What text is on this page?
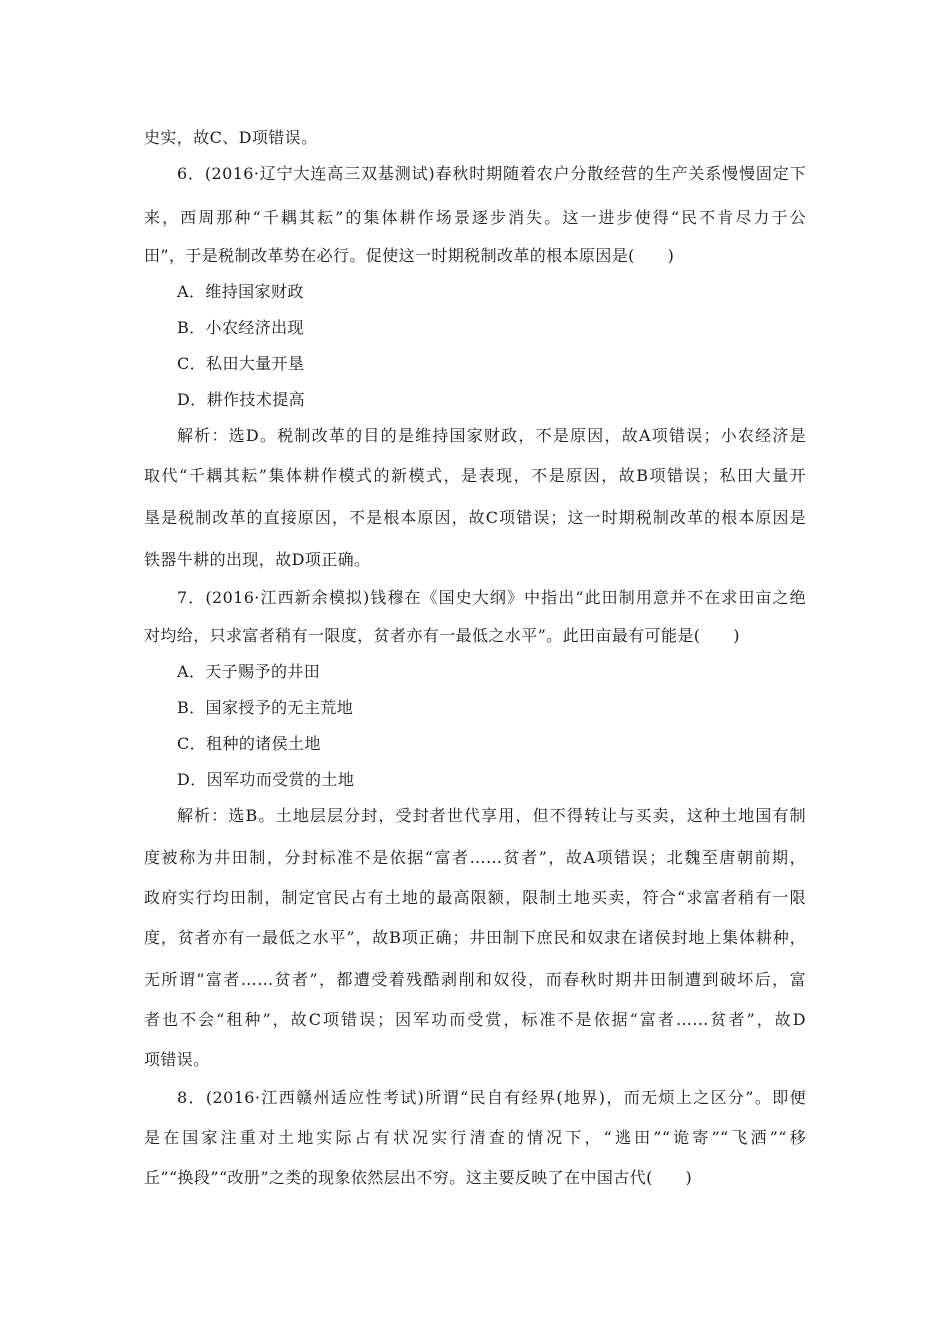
史实，故C、D项错误。
6．(2016·辽宁大连高三双基测试)春秋时期随着农户分散经营的生产关系慢慢固定下
来，西周那种“千耦其耘”的集体耕作场景逐步消失。这一进步使得“民不肯尽力于公
田”，于是税制改革势在必行。促使这一时期税制改革的根本原因是(　　)
A．维持国家财政
B．小农经济出现
C．私田大量开垦
D．耕作技术提高
解析：选D。税制改革的目的是维持国家财政，不是原因，故A项错误；小农经济是
取代“千耦其耘”集体耕作模式的新模式，是表现，不是原因，故B项错误；私田大量开
垦是税制改革的直接原因，不是根本原因，故C项错误；这一时期税制改革的根本原因是
铁器牛耕的出现，故D项正确。
7．(2016·江西新余模拟)钱穆在《国史大纲》中指出“此田制用意并不在求田亩之绝
对均给，只求富者稍有一限度，贫者亦有一最低之水平”。此田亩最有可能是(　　)
A．天子赐予的井田
B．国家授予的无主荒地
C．租种的诸侯土地
D．因军功而受赏的土地
解析：选B。土地层层分封，受封者世代享用，但不得转让与买卖，这种土地国有制
度被称为井田制，分封标准不是依据“富者……贫者”，故A项错误；北魏至唐朝前期，
政府实行均田制，制定官民占有土地的最高限额，限制土地买卖，符合“求富者稍有一限
度，贫者亦有一最低之水平”，故B项正确；井田制下庶民和奴隶在诸侯封地上集体耕种，
无所谓“富者……贫者”，都遭受着残酷剥削和奴役，而春秋时期井田制遭到破坏后，富
者也不会“租种”，故C项错误；因军功而受赏，标准不是依据“富者……贫者”，故D
项错误。
8．(2016·江西赣州适应性考试)所谓“民自有经界(地界)，而无烦上之区分”。即便
是在国家注重对土地实际占有状况实行清查的情况下，“逃田”“诡寄”“飞洒”“移
丘”“换段”“改册”之类的现象依然层出不穷。这主要反映了在中国古代(　　)
